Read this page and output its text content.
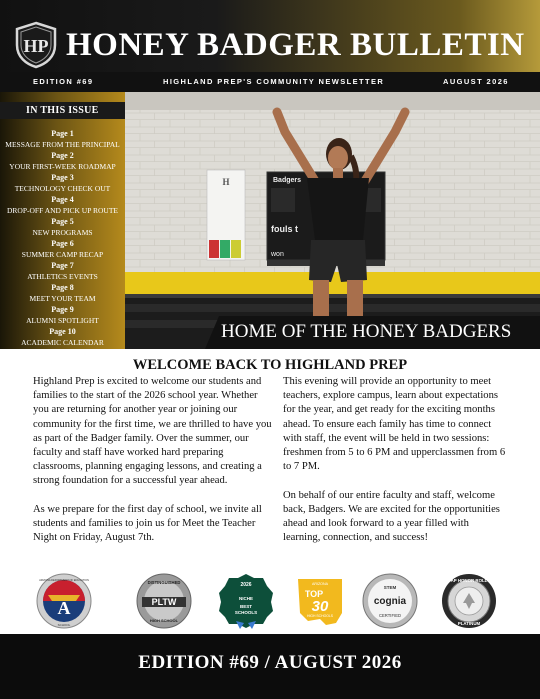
HP HONEY BADGER BULLETIN
EDITION #69	HIGHLAND PREP'S COMMUNITY NEWSLETTER	AUGUST 2026
IN THIS ISSUE
Page 1
MESSAGE FROM THE PRINCIPAL
Page 2
YOUR FIRST-WEEK ROADMAP
Page 3
TECHNOLOGY CHECK OUT
Page 4
DROP-OFF AND PICK UP ROUTE
Page 5
NEW PROGRAMS
Page 6
SUMMER CAMP RECAP
Page 7
ATHLETICS EVENTS
Page 8
MEET YOUR TEAM
Page 9
ALUMNI SPOTLIGHT
Page 10
ACADEMIC CALENDAR
H	Badgers
fouls t
won
HOME OF THE HONEY BADGERS
WELCOME BACK TO HIGHLAND PREP

Highland Prep is excited to welcome our students and families to the start of the 2026 school year. Whether you are returning for another year or joining our community for the first time, we are thrilled to have you as part of the Badger family. Over the summer, our faculty and staff have worked hard preparing classrooms, planning engaging lessons, and creating a strong foundation for a successful year ahead.

As we prepare for the first day of school, we invite all students and families to join us for Meet the Teacher Night on Friday, August 7th.

This evening will provide an opportunity to meet teachers, explore campus, learn about expectations for the year, and get ready for the exciting months ahead. To ensure each family has time to connect with staff, the event will be held in two sessions: freshmen from 5 to 6 PM and upperclassmen from 6 to 7 PM.

On behalf of our entire faculty and staff, welcome back, Badgers. We are excited for the opportunities ahead and look forward to a year filled with learning, connection, and success!

A
ARIZONA DEPARTMENT OF EDUCATION
SCHOOL
PLTW
DISTINGUISHED
HIGH SCHOOL
2026
NICHE
BEST
SCHOOLS
ARIZONA
TOP
30
HIGH SCHOOLS
STEM
cognia
CERTIFIED
AP HONOR ROLL
PLATINUM
EDITION #69 / AUGUST 2026
